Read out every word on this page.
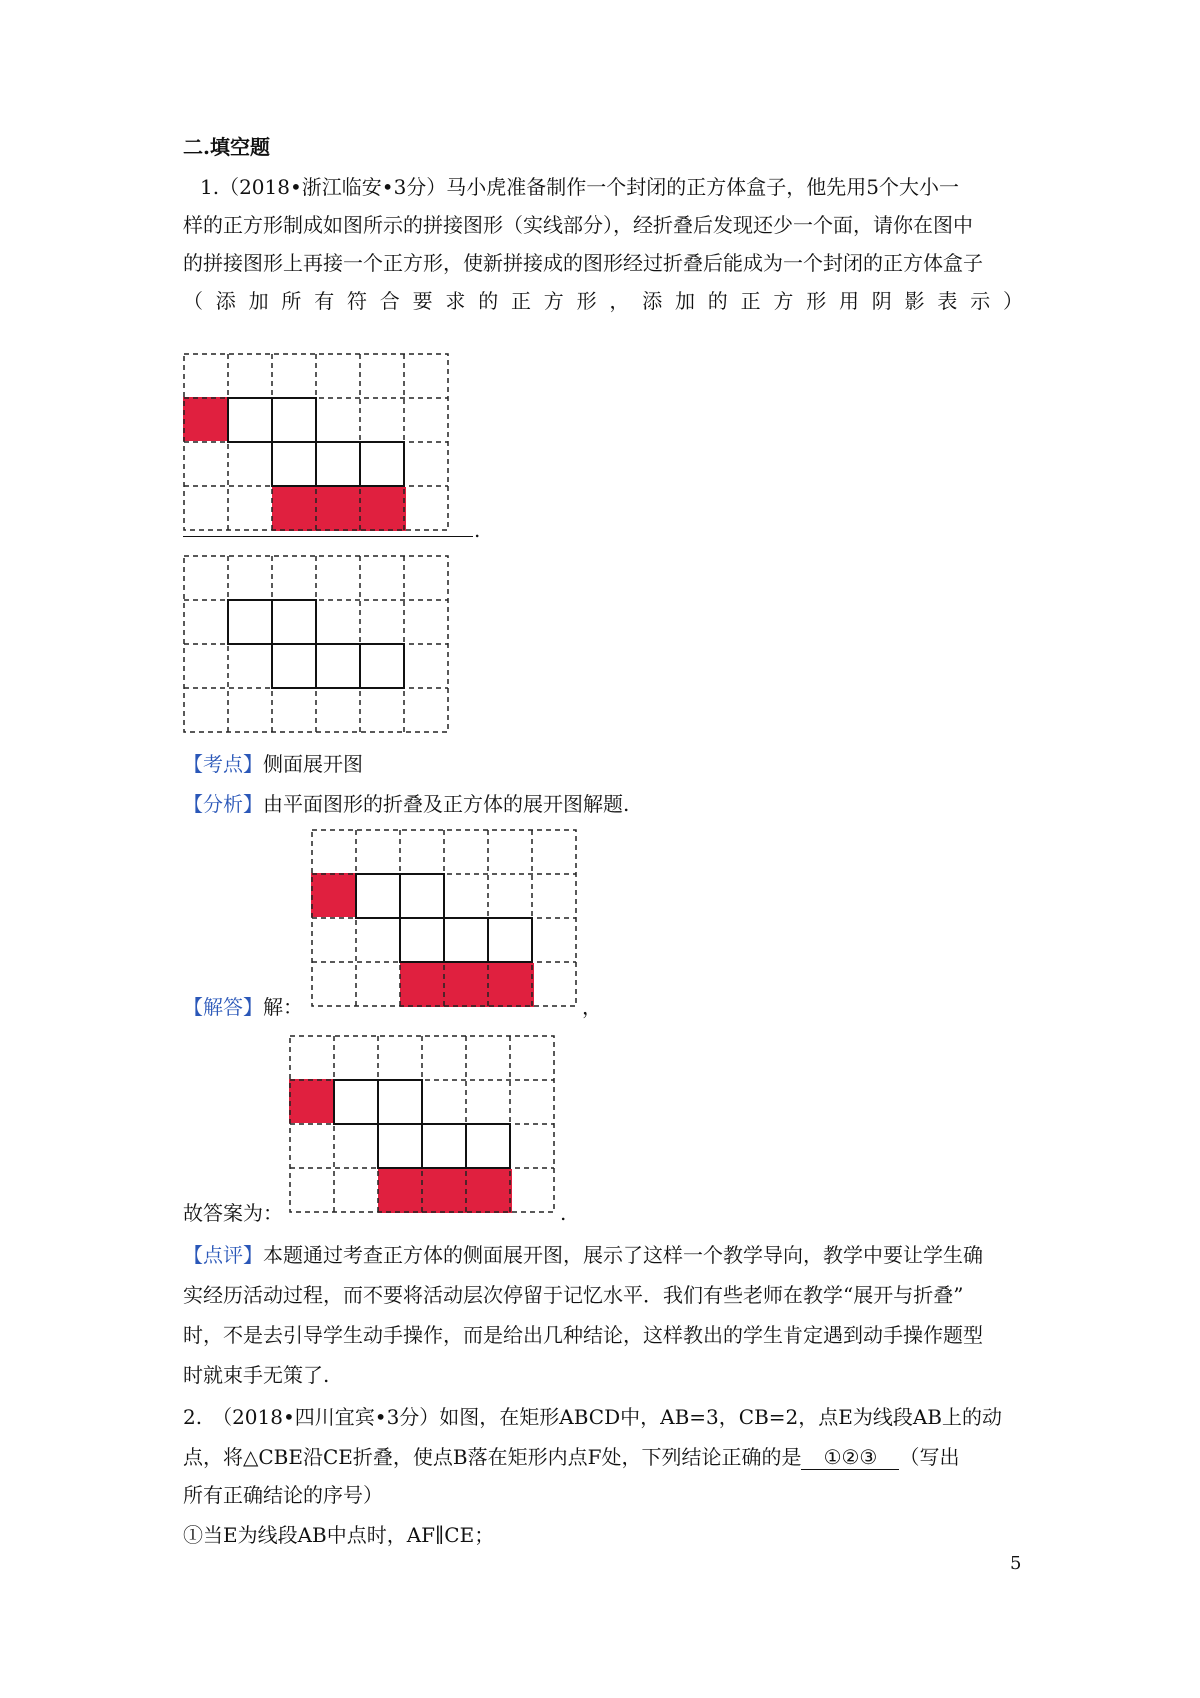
二.填空题
1.（2018•浙江临安•3分）马小虎准备制作一个封闭的正方体盒子，他先用5个大小一
样的正方形制成如图所示的拼接图形（实线部分），经折叠后发现还少一个面，请你在图中
的拼接图形上再接一个正方形，使新拼接成的图形经过折叠后能成为一个封闭的正方体盒子
（添加所有符合要求的正方形，添加的正方形用阴影表示）
.
【考点】侧面展开图
【分析】由平面图形的折叠及正方体的展开图解题.
【解答】解：	，
故答案为：	.
【点评】本题通过考查正方体的侧面展开图，展示了这样一个教学导向，教学中要让学生确
实经历活动过程，而不要将活动层次停留于记忆水平．我们有些老师在教学“展开与折叠”
时，不是去引导学生动手操作，而是给出几种结论，这样教出的学生肯定遇到动手操作题型
时就束手无策了.
2.　（2018•四川宜宾•3分）如图，在矩形ABCD中，AB=3，CB=2，点E为线段AB上的动
点，将△CBE沿CE折叠，使点B落在矩形内点F处，下列结论正确的是 ①②③ （写出
所有正确结论的序号）
①当E为线段AB中点时，AF∥CE；
5
